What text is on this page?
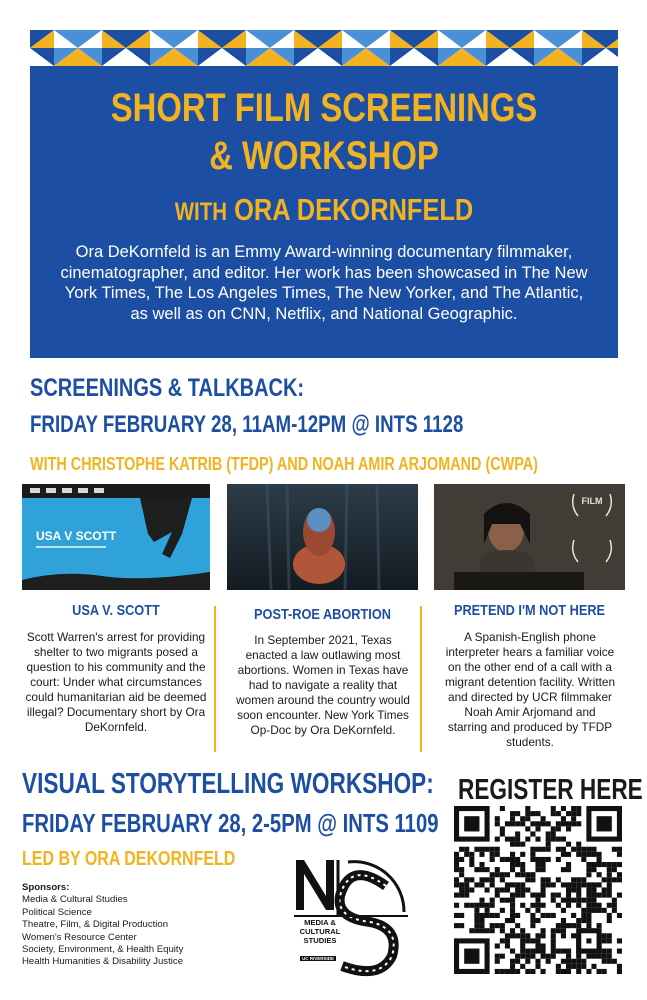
SHORT FILM SCREENINGS
& WORKSHOP
WITH ORA DEKORNFELD
Ora DeKornfeld is an Emmy Award-winning documentary filmmaker, cinematographer, and editor. Her work has been showcased in The New York Times, The Los Angeles Times, The New Yorker, and The Atlantic, as well as on CNN, Netflix, and National Geographic.
SCREENINGS & TALKBACK:
FRIDAY FEBRUARY 28, 11AM-12PM @ INTS 1128
WITH CHRISTOPHE KATRIB (TFDP) AND NOAH AMIR ARJOMAND (CWPA)
USA V SCOTT
FILM
USA V. SCOTT	POST-ROE ABORTION	PRETEND I'M NOT HERE
Scott Warren's arrest for providing shelter to two migrants posed a question to his community and the court: Under what circumstances could humanitarian aid be deemed illegal? Documentary short by Ora DeKornfeld.
In September 2021, Texas enacted a law outlawing most abortions. Women in Texas have had to navigate a reality that women around the country would soon encounter. New York Times Op-Doc by Ora DeKornfeld.
A Spanish-English phone interpreter hears a familiar voice on the other end of a call with a migrant detention facility. Written and directed by UCR filmmaker Noah Amir Arjomand and starring and produced by TFDP students.
VISUAL STORYTELLING WORKSHOP:
FRIDAY FEBRUARY 28, 2-5PM @ INTS 1109
LED BY ORA DEKORNFELD
Sponsors:
Media & Cultural Studies
Political Science
Theatre, Film, & Digital Production
Women's Resource Center
Society, Environment, & Health Equity
Health Humanities & Disability Justice
MEDIA & CULTURAL STUDIES
UC RIVERSIDE
REGISTER HERE
